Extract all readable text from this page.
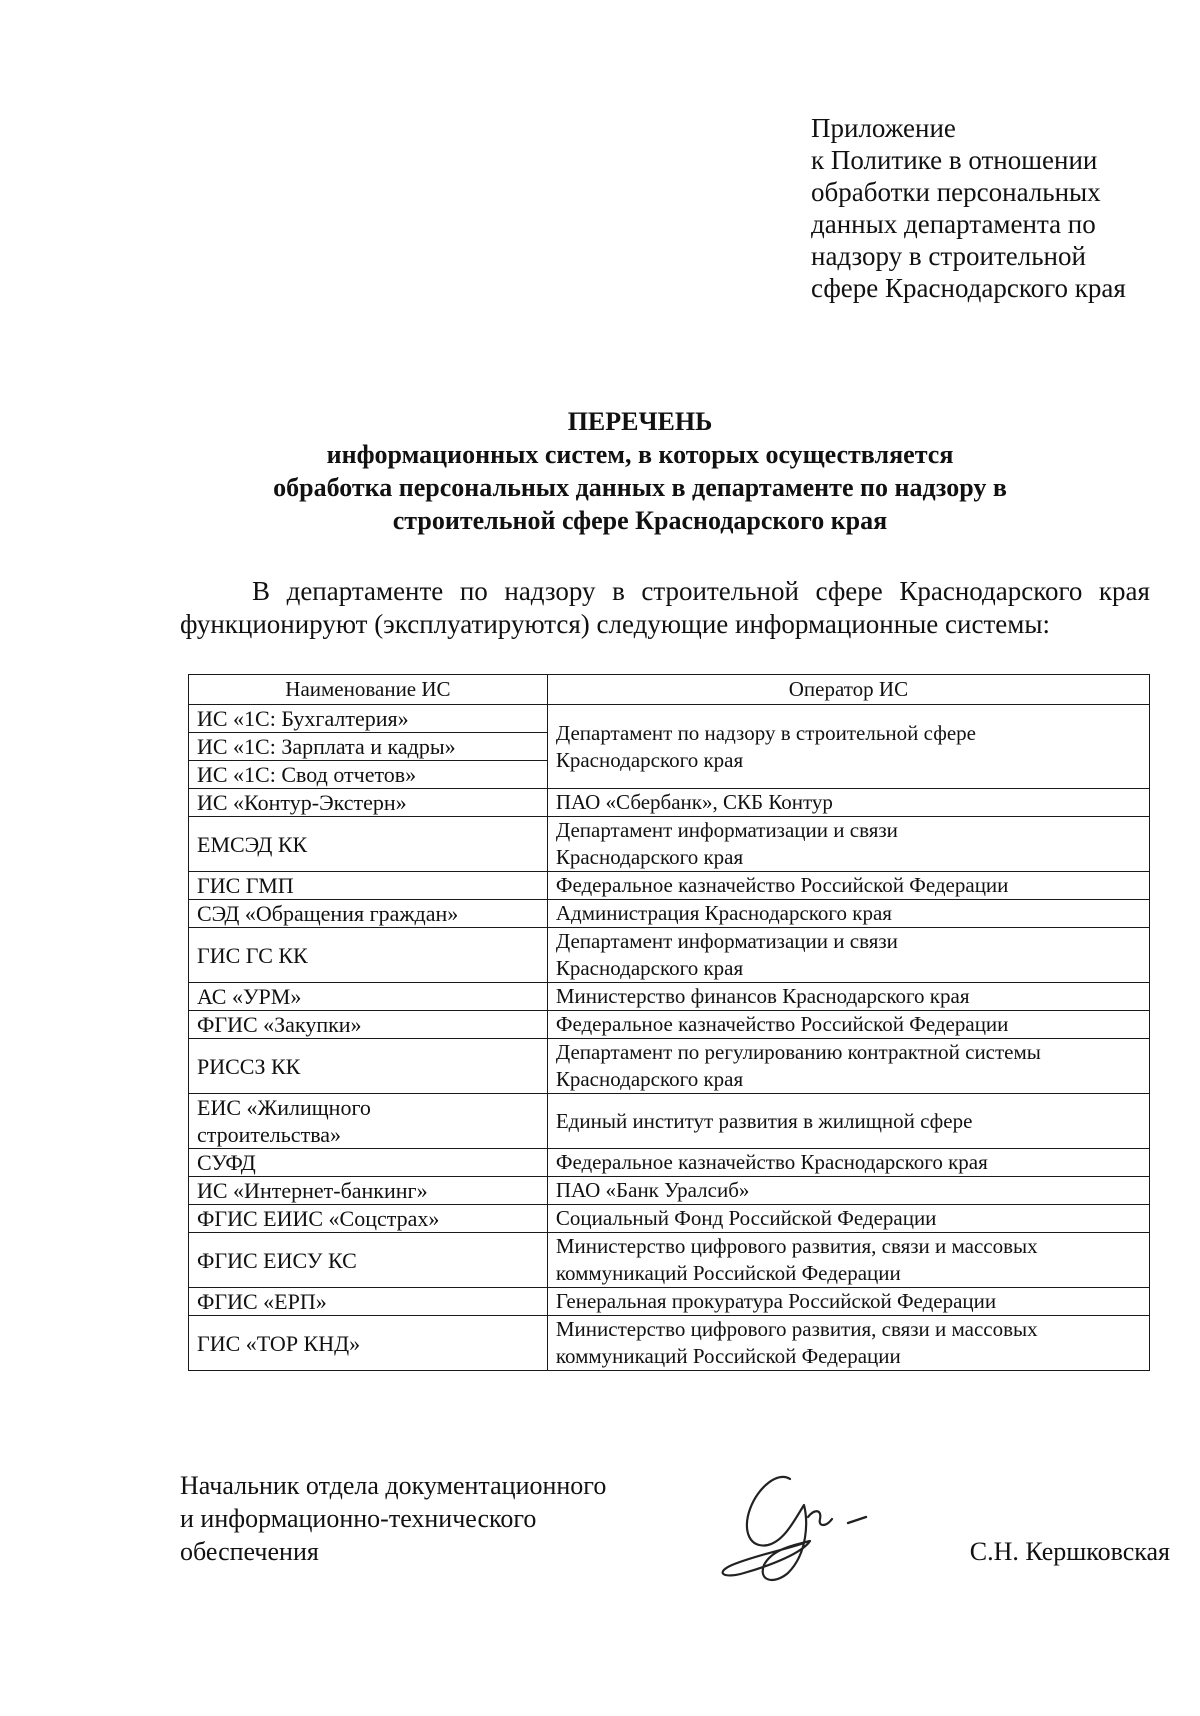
Приложение
к Политике в отношении
обработки персональных
данных департамента по
надзору в строительной
сфере Краснодарского края
ПЕРЕЧЕНЬ
информационных систем, в которых осуществляется
обработка персональных данных в департаменте по надзору в
строительной сфере Краснодарского края
В департаменте по надзору в строительной сфере Краснодарского края
функционируют (эксплуатируются) следующие информационные системы:
Наименование ИС	Оператор ИС
ИС «1С: Бухгалтерия»	Департамент по надзору в строительной сфере
Краснодарского края

ИС «1С: Зарплата и кадры»	
ИС «1С: Свод отчетов»	
ИС «Контур-Экстерн»	ПАО «Сбербанк», СКБ Контур
ЕМСЭД КК	Департамент информатизации и связи
Краснодарского края

ГИС ГМП	Федеральное казначейство Российской Федерации
СЭД «Обращения граждан»	Администрация Краснодарского края
ГИС ГС КК	Департамент информатизации и связи
Краснодарского края

АС «УРМ»	Министерство финансов Краснодарского края
ФГИС «Закупки»	Федеральное казначейство Российской Федерации
РИССЗ КК	Департамент по регулированию контрактной системы
Краснодарского края

ЕИС «Жилищного
строительства»	Единый институт развития в жилищной сфере
СУФД	Федеральное казначейство Краснодарского края
ИС «Интернет-банкинг»	ПАО «Банк Уралсиб»
ФГИС ЕИИС «Соцстрах»	Социальный Фонд Российской Федерации
ФГИС ЕИСУ КС	Министерство цифрового развития, связи и массовых
коммуникаций Российской Федерации

ФГИС «ЕРП»	Генеральная прокуратура Российской Федерации
ГИС «ТОР КНД»	Министерство цифрового развития, связи и массовых
коммуникаций Российской Федерации
Начальник отдела документационного
и информационно-технического
обеспечения	С.Н. Кершковская
